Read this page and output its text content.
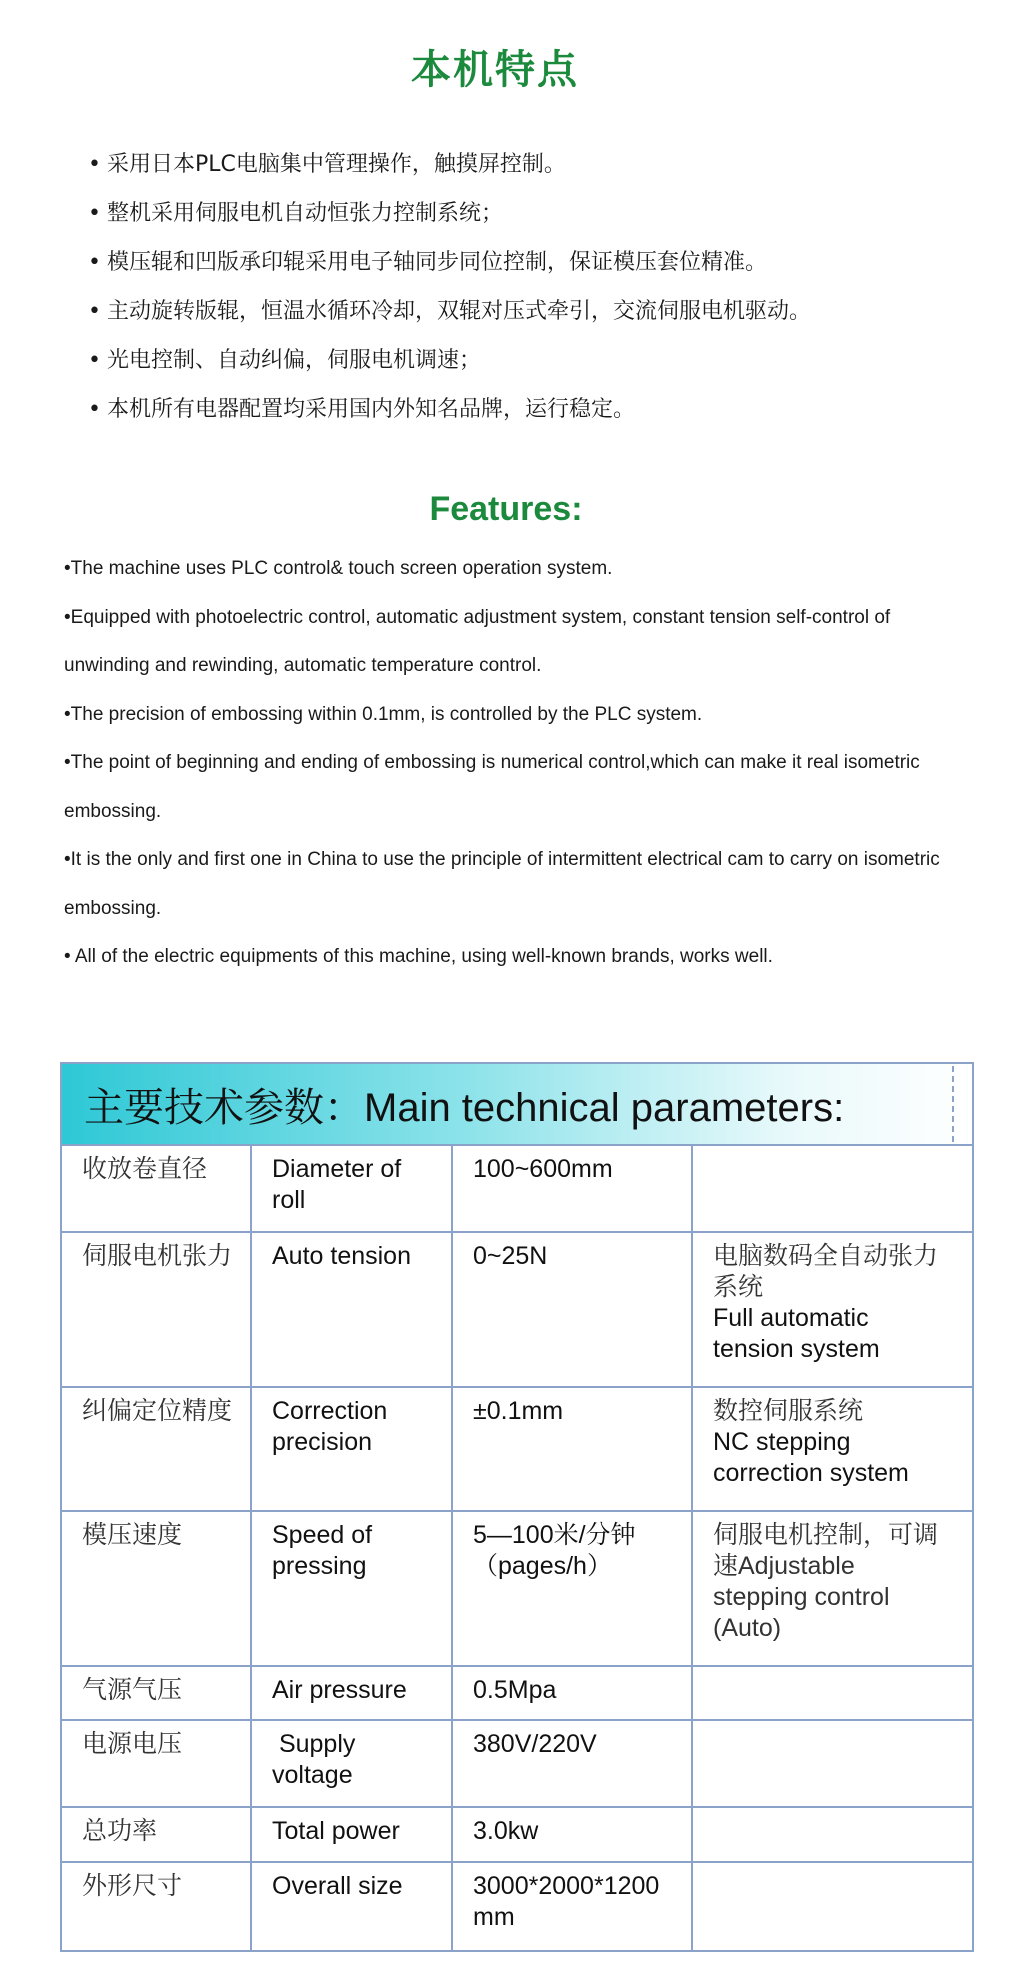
本机特点
• 采用日本PLC电脑集中管理操作，触摸屏控制。
• 整机采用伺服电机自动恒张力控制系统；
• 模压辊和凹版承印辊采用电子轴同步同位控制，保证模压套位精准。
• 主动旋转版辊，恒温水循环冷却，双辊对压式牵引，交流伺服电机驱动。
• 光电控制、自动纠偏，伺服电机调速；
• 本机所有电器配置均采用国内外知名品牌，运行稳定。
Features:

•The machine uses PLC control& touch screen operation system.

•Equipped with photoelectric control, automatic adjustment system, constant tension self-control of unwinding and rewinding, automatic temperature control.

•The precision of embossing within 0.1mm, is controlled by the PLC system.

•The point of beginning and ending of embossing is numerical control,which can make it real isometric embossing.

•It is the only and first one in China to use the principle of intermittent electrical cam to carry on isometric embossing.

• All of the electric equipments of this machine, using well-known brands, works well.

主要技术参数：Main technical parameters:
收放卷直径	Diameter of roll	100~600mm	

伺服电机张力	Auto tension	0~25N	电脑数码全自动张力系统
Full automatic tension system

纠偏定位精度	Correction precision	±0.1mm	数控伺服系统
NC stepping correction system

模压速度	Speed of pressing	5—100米/分钟（pages/h）	伺服电机控制，可调速Adjustable stepping control (Auto)

气源气压	Air pressure	0.5Mpa	

电源电压	Supply voltage	380V/220V	

总功率	Total power	3.0kw	

外形尺寸	Overall size	3000*2000*1200 mm	
